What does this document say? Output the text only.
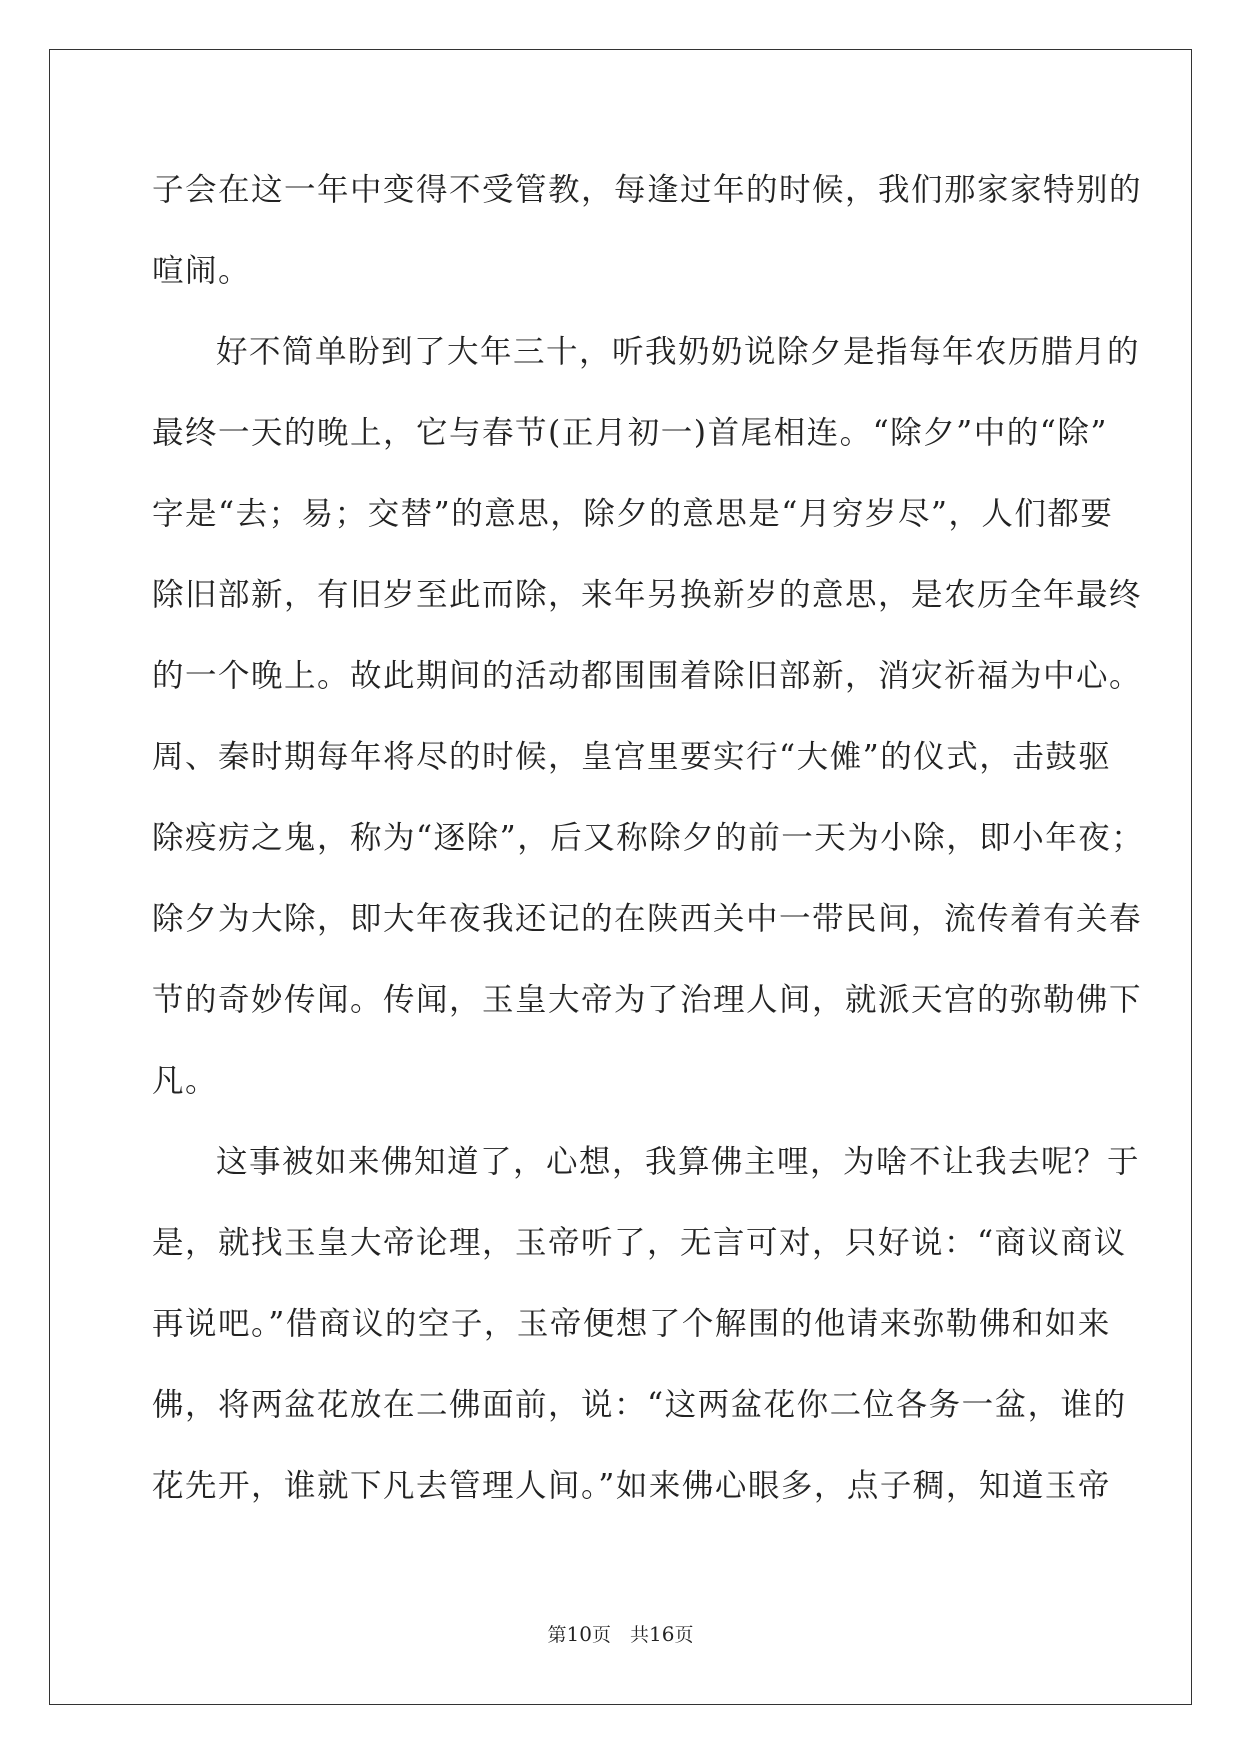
子会在这一年中变得不受管教，每逢过年的时候，我们那家家特别的
喧闹。
好不简单盼到了大年三十，听我奶奶说除夕是指每年农历腊月的
最终一天的晚上，它与春节(正月初一)首尾相连。“除夕”中的“除”
字是“去；易；交替”的意思，除夕的意思是“月穷岁尽”，人们都要
除旧部新，有旧岁至此而除，来年另换新岁的意思，是农历全年最终
的一个晚上。故此期间的活动都围围着除旧部新，消灾祈福为中心。
周、秦时期每年将尽的时候，皇宫里要实行“大傩”的仪式，击鼓驱
除疫疠之鬼，称为“逐除”，后又称除夕的前一天为小除，即小年夜；
除夕为大除，即大年夜我还记的在陕西关中一带民间，流传着有关春
节的奇妙传闻。传闻，玉皇大帝为了治理人间，就派天宫的弥勒佛下
凡。
这事被如来佛知道了，心想，我算佛主哩，为啥不让我去呢？于
是，就找玉皇大帝论理，玉帝听了，无言可对，只好说：“商议商议
再说吧。”借商议的空子，玉帝便想了个解围的他请来弥勒佛和如来
佛，将两盆花放在二佛面前，说：“这两盆花你二位各务一盆，谁的
花先开，谁就下凡去管理人间。”如来佛心眼多，点子稠，知道玉帝
第10页　共16页
